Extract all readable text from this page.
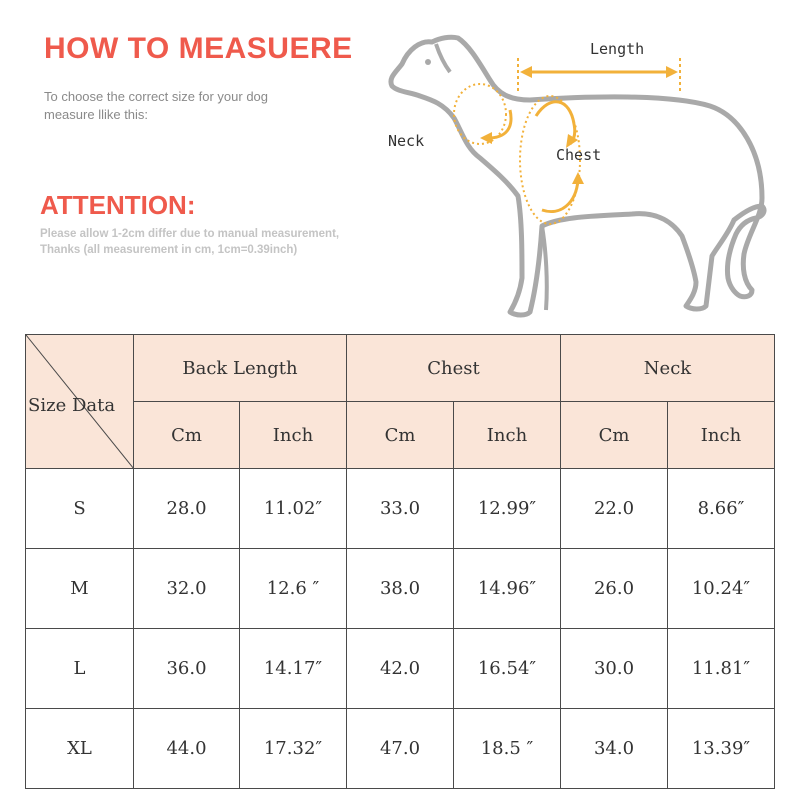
HOW TO MEASUERE
To choose the correct size for your dog
measure llike this:
ATTENTION:
Please allow 1-2cm differ due to manual measurement,
Thanks (all measurement in cm, 1cm=0.39inch)
Length
Neck
Chest
Size Data	Back Length		Chest		Neck	
	Cm	Inch	Cm	Inch	Cm	Inch
S	28.0	11.02″	33.0	12.99″	22.0	8.66″
M	32.0	12.6 ″	38.0	14.96″	26.0	10.24″
L	36.0	14.17″	42.0	16.54″	30.0	11.81″
XL	44.0	17.32″	47.0	18.5 ″	34.0	13.39″
